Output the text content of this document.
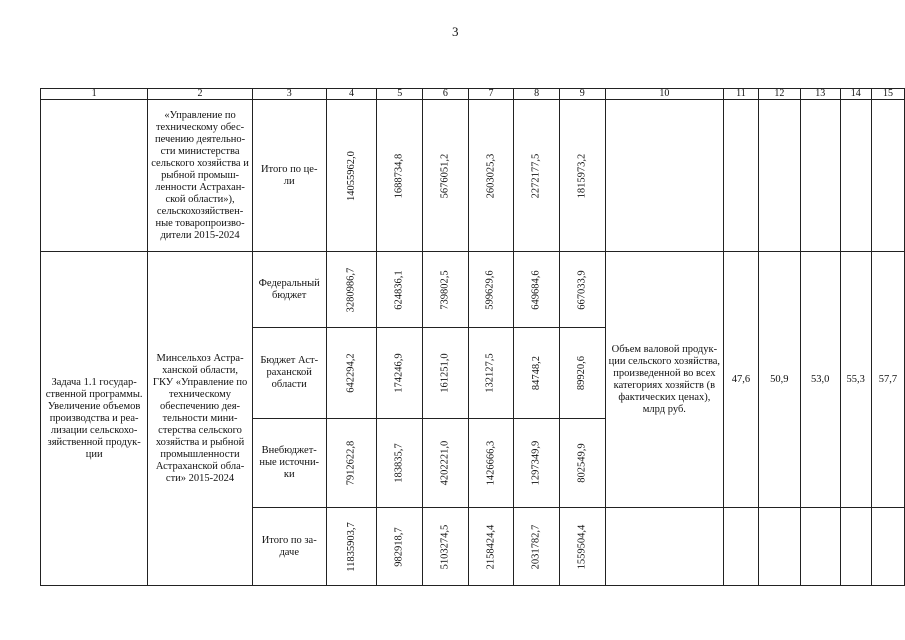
3
1	2	3	4	5	6	7	8	9	10	11	12	13	14	15

	«Управление по техническому обес-печению деятельно-сти министерства сельского хозяйства и рыбной промыш-ленности Астрахан-ской области»), сельскохозяйствен-ные товаропроизво-дители 2015-2024	Итого по це-ли	14055962,0	1688734,8	5676051,2	2603025,3	2272177,5	1815973,2						

Задача 1.1 государ-ственной программы. Увеличение объемов производства и реа-лизации сельскохо-зяйственной продук-ции	Минсельхоз Астра-ханской области, ГКУ «Управление по техническому обеспечению дея-тельности мини-стерства сельского хозяйства и рыбной промышленности Астраханской обла-сти» 2015-2024	Федеральный бюджет	3280986,7	624836,1	739802,5	599629,6	649684,6	667033,9	Объем валовой продук-ции сельского хозяйства, произведенной во всех категориях хозяйств (в фактических ценах), млрд руб.	47,6	50,9	53,0	55,3	57,7

		Бюджет Аст-раханской области	642294,2	174246,9	161251,0	132127,5	84748,2	89920,6						

		Внебюджет-ные источни-ки	7912622,8	183835,7	4202221,0	1426666,3	1297349,9	802549,9						

		Итого по за-даче	11835903,7	982918,7	5103274,5	2158424,4	2031782,7	1559504,4						
